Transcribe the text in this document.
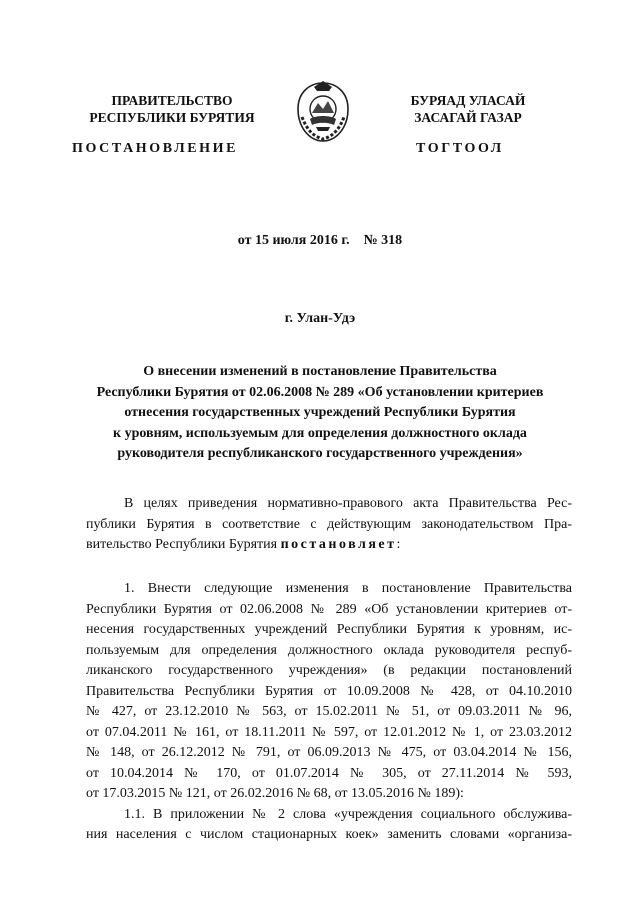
ПРАВИТЕЛЬСТВО
РЕСПУБЛИКИ БУРЯТИЯ
БУРЯАД УЛАСАЙ
ЗАСАГАЙ ГАЗАР
ПОСТАНОВЛЕНИЕ	ТОГТООЛ
от 15 июля 2016 г.    № 318
г. Улан-Удэ
О внесении изменений в постановление Правительства
Республики Бурятия от 02.06.2008 № 289 «Об установлении критериев
отнесения государственных учреждений Республики Бурятия
к уровням, используемым для определения должностного оклада
руководителя республиканского государственного учреждения»
В целях приведения нормативно-правового акта Правительства Рес-
публики Бурятия в соответствие с действующим законодательством Пра-
вительство Республики Бурятия постановляет:
1. Внести следующие изменения в постановление Правительства
Республики Бурятия от 02.06.2008 № 289 «Об установлении критериев от-
несения государственных учреждений Республики Бурятия к уровням, ис-
пользуемым для определения должностного оклада руководителя респуб-
ликанского государственного учреждения» (в редакции постановлений
Правительства Республики Бурятия от 10.09.2008 № 428, от 04.10.2010
№ 427, от 23.12.2010 № 563, от 15.02.2011 № 51, от 09.03.2011 № 96,
от 07.04.2011 № 161, от 18.11.2011 № 597, от 12.01.2012 № 1, от 23.03.2012
№ 148, от 26.12.2012 № 791, от 06.09.2013 № 475, от 03.04.2014 № 156,
от 10.04.2014 № 170, от 01.07.2014 № 305, от 27.11.2014 № 593,
от 17.03.2015 № 121, от 26.02.2016 № 68, от 13.05.2016 № 189):
1.1. В приложении № 2 слова «учреждения социального обслужива-
ния населения с числом стационарных коек» заменить словами «организа-
